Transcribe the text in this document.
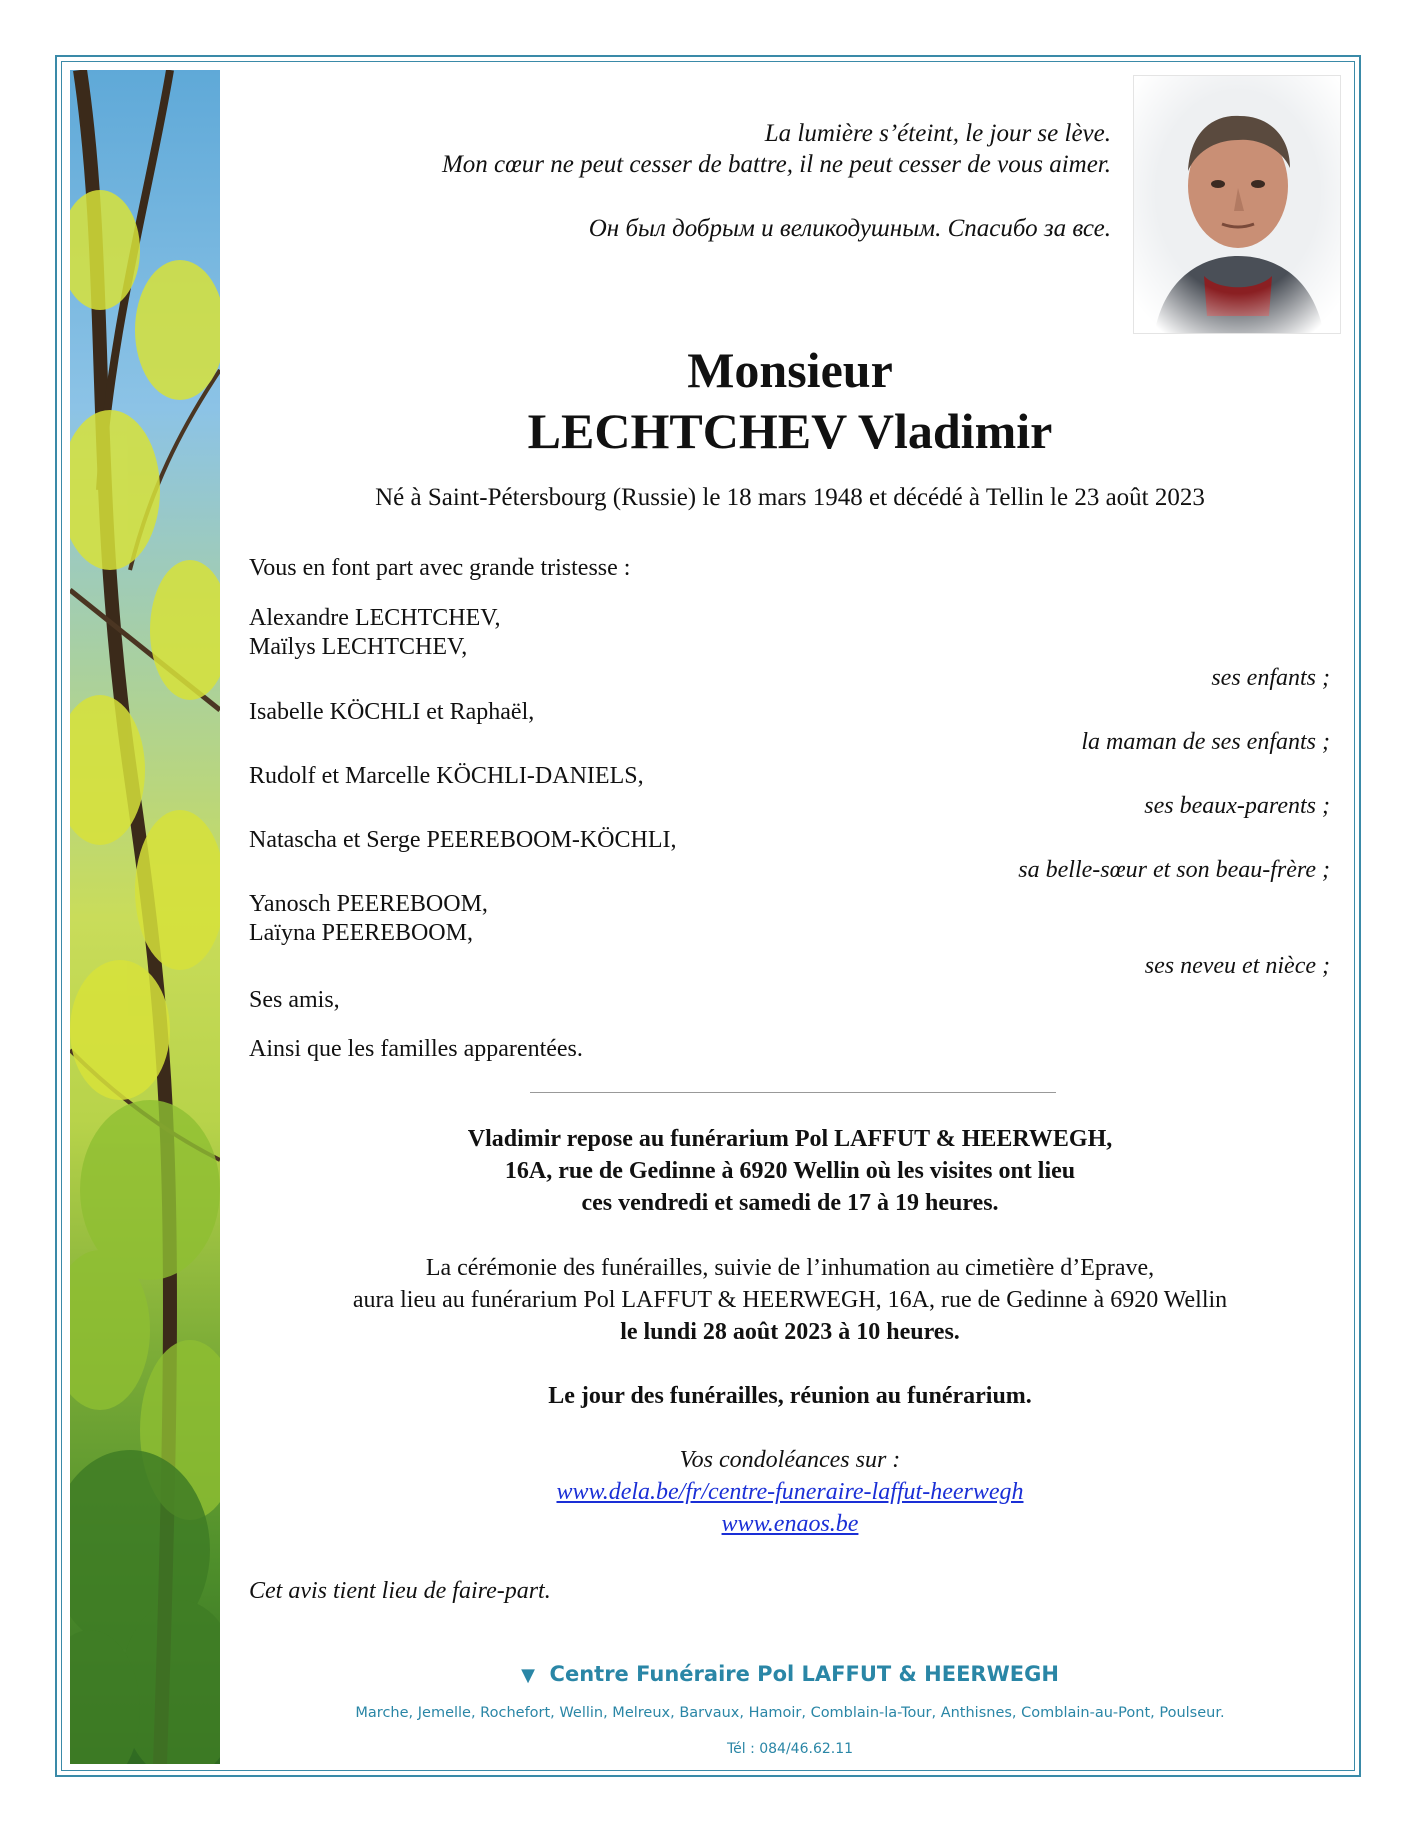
La lumière s’éteint, le jour se lève.
Mon cœur ne peut cesser de battre, il ne peut cesser de vous aimer.
Он был добрым и великодушным. Спасибо за все.
Monsieur
LECHTCHEV Vladimir
Né à Saint-Pétersbourg (Russie) le 18 mars 1948 et décédé à Tellin le 23 août 2023
Vous en font part avec grande tristesse :
Alexandre LECHTCHEV,
Maïlys LECHTCHEV,
ses enfants ;
Isabelle KÖCHLI et Raphaël,
la maman de ses enfants ;
Rudolf et Marcelle KÖCHLI-DANIELS,
ses beaux-parents ;
Natascha et Serge PEEREBOOM-KÖCHLI,
sa belle-sœur et son beau-frère ;
Yanosch PEEREBOOM,
Laïyna PEEREBOOM,
ses neveu et nièce ;
Ses amis,
Ainsi que les familles apparentées.
Vladimir repose au funérarium Pol LAFFUT & HEERWEGH,
16A, rue de Gedinne à 6920 Wellin où les visites ont lieu
ces vendredi et samedi de 17 à 19 heures.
La cérémonie des funérailles, suivie de l’inhumation au cimetière d’Eprave,
aura lieu au funérarium Pol LAFFUT & HEERWEGH, 16A, rue de Gedinne à 6920 Wellin
le lundi 28 août 2023 à 10 heures.
Le jour des funérailles, réunion au funérarium.
Vos condoléances sur :
www.dela.be/fr/centre-funeraire-laffut-heerwegh
www.enaos.be
Cet avis tient lieu de faire-part.
▼ Centre Funéraire Pol LAFFUT & HEERWEGH
Marche, Jemelle, Rochefort, Wellin, Melreux, Barvaux, Hamoir, Comblain-la-Tour, Anthisnes, Comblain-au-Pont, Poulseur.
Tél : 084/46.62.11
